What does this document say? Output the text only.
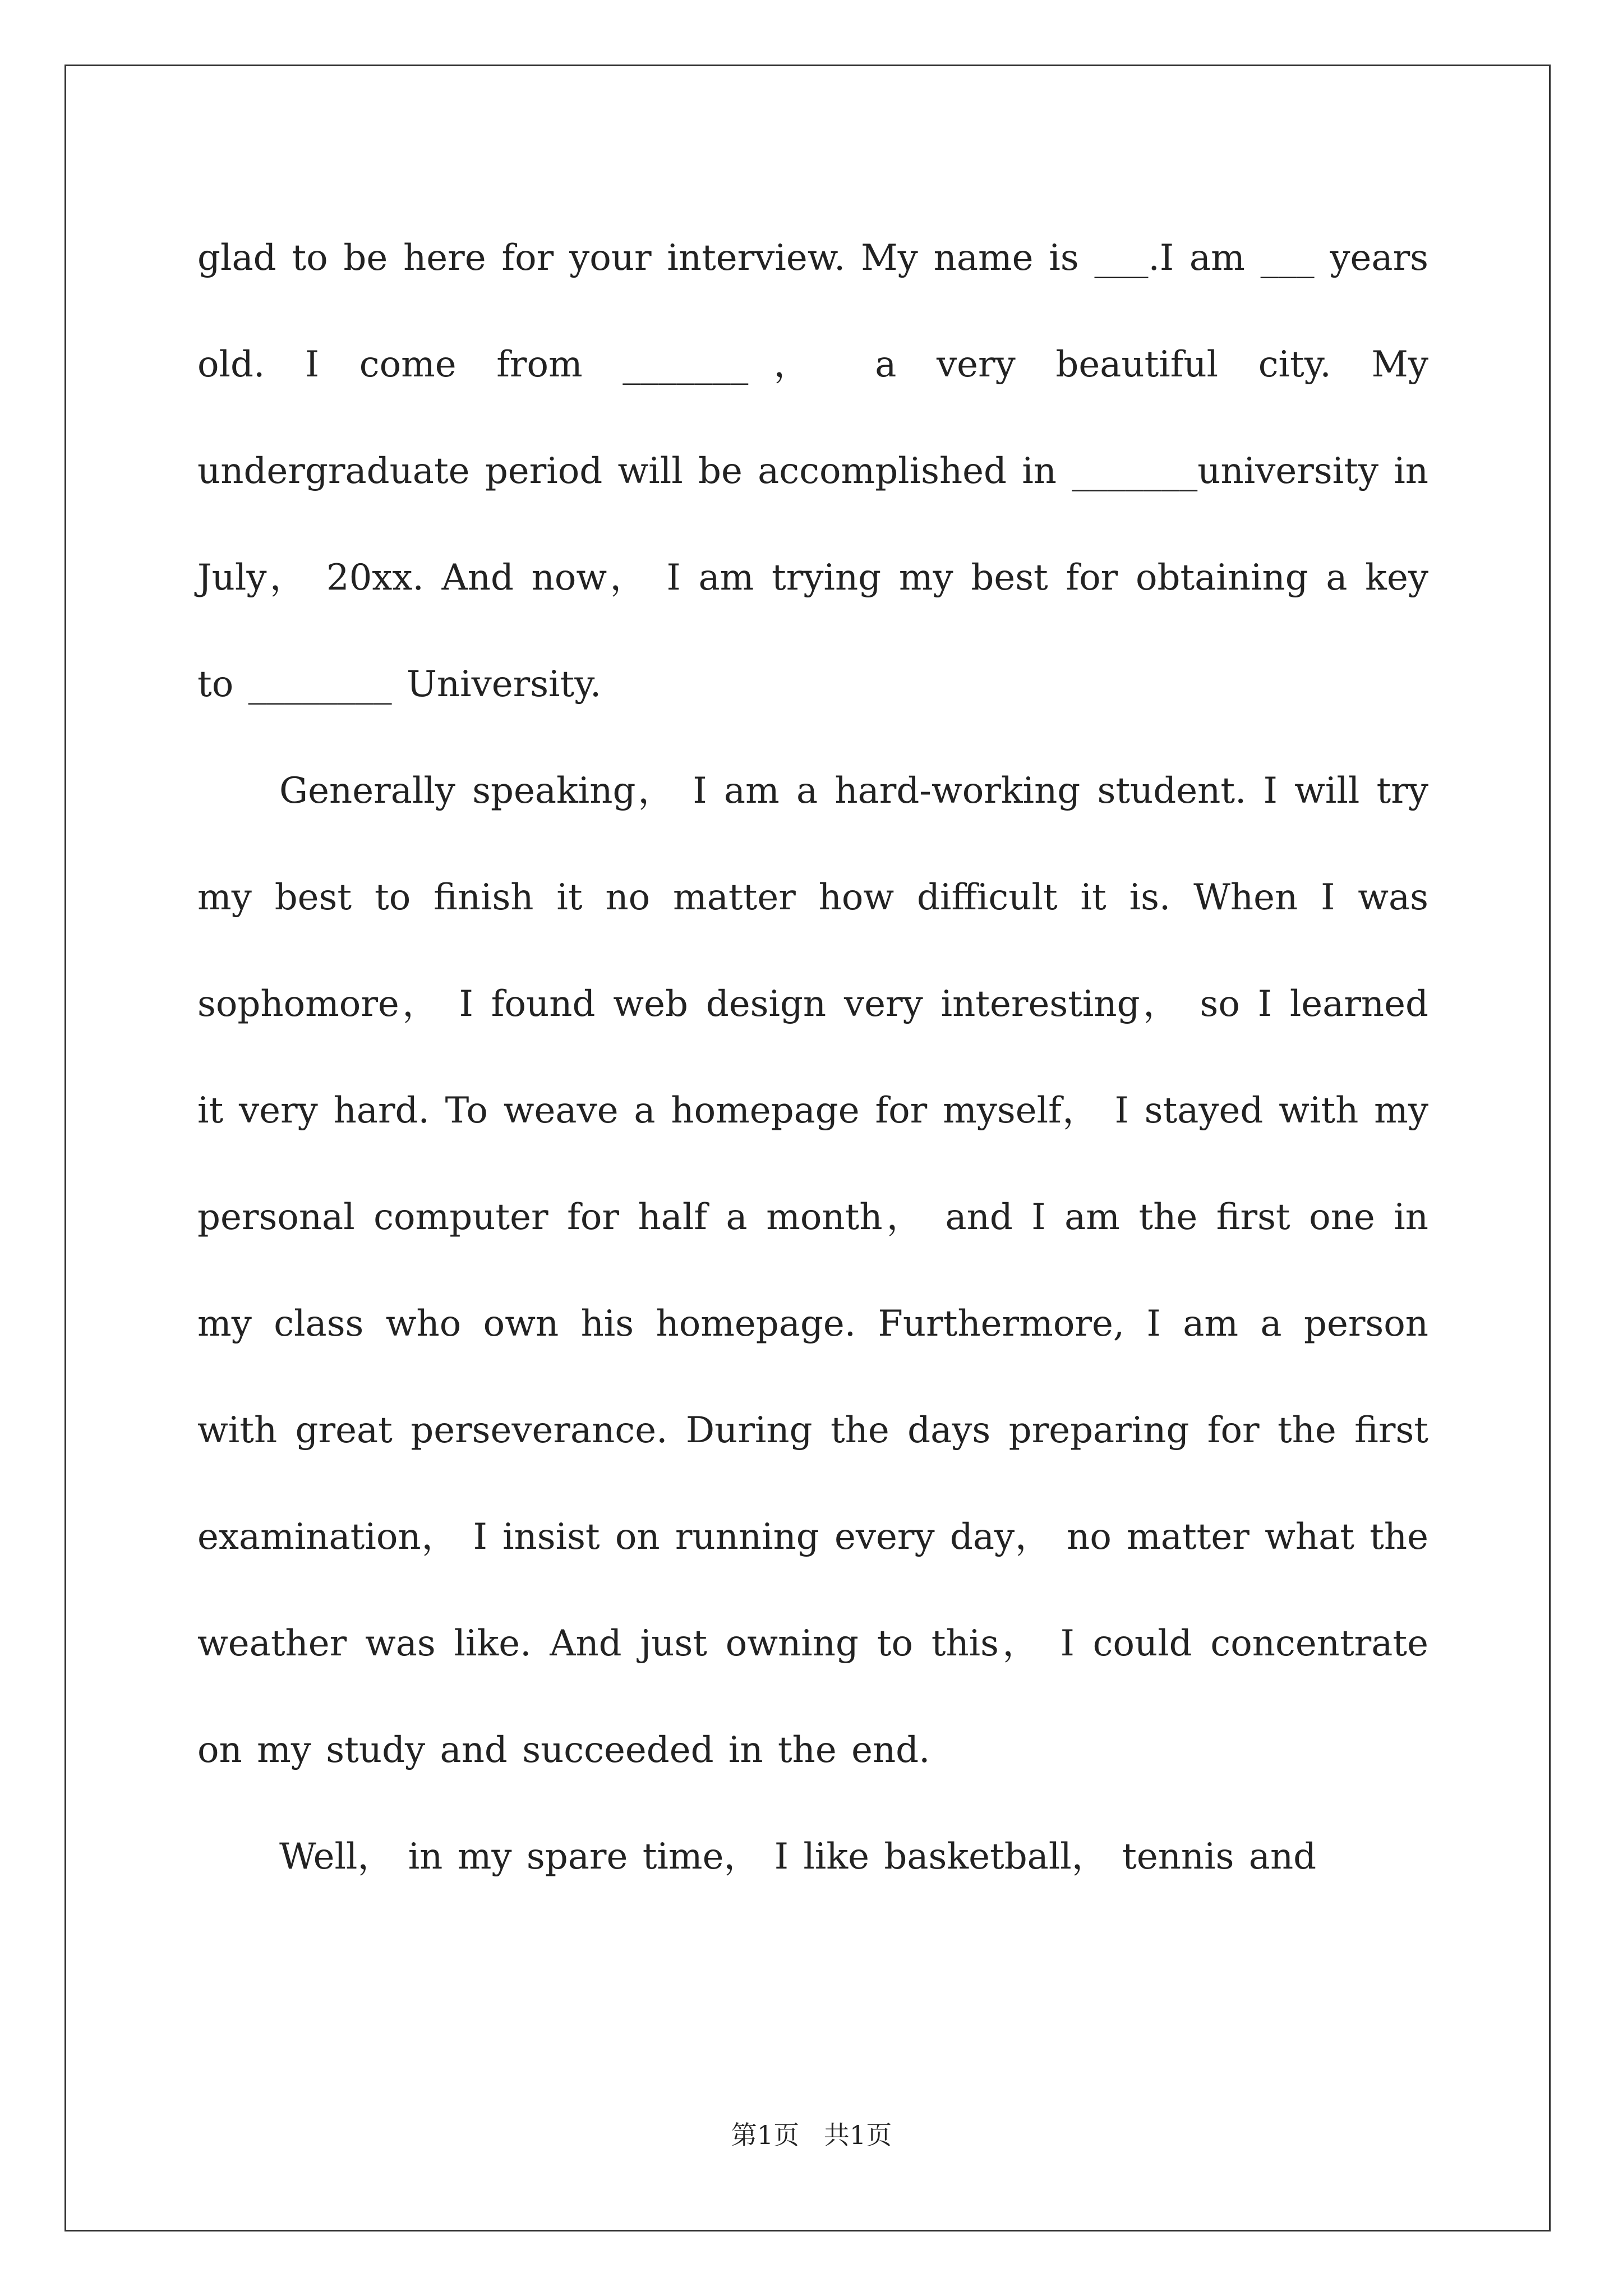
glad to be here for your interview. My name is ___.I am ___ years old. I come from _______， a very beautiful city. My undergraduate period will be accomplished in _______university in July， 20xx. And now， I am trying my best for obtaining a key to ________ University.

Generally speaking， I am a hard-working student. I will try my best to finish it no matter how difficult it is. When I was sophomore， I found web design very interesting， so I learned it very hard. To weave a homepage for myself， I stayed with my personal computer for half a month， and I am the first one in my class who own his homepage. Furthermore, I am a person with great perseverance. During the days preparing for the first examination， I insist on running every day， no matter what the weather was like. And just owning to this， I could concentrate on my study and succeeded in the end.

Well， in my spare time， I like basketball， tennis and

第1页   共1页
